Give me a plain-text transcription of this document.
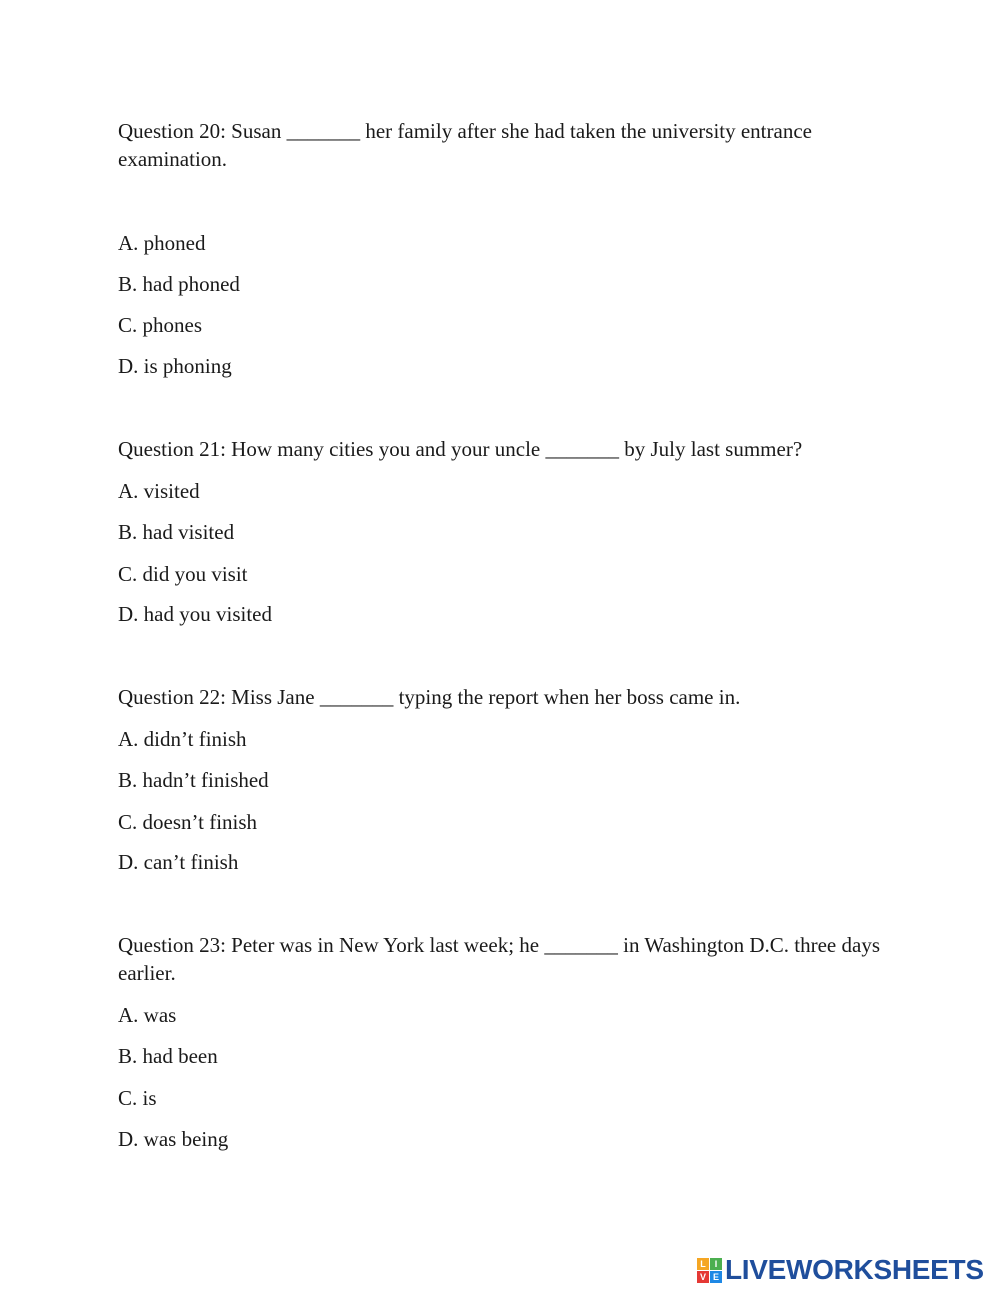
Question 20: Susan _______ her family after she had taken the university entrance examination.

A. phoned

B. had phoned

C. phones

D. is phoning

Question 21: How many cities you and your uncle _______ by July last summer?

A. visited

B. had visited

C. did you visit

D. had you visited

Question 22: Miss Jane _______ typing the report when her boss came in.

A. didn’t finish

B. hadn’t finished

C. doesn’t finish

D. can’t finish

Question 23: Peter was in New York last week; he _______ in Washington D.C. three days earlier.

A. was

B. had been

C. is

D. was being

L I
V E LIVEWORKSHEETS
